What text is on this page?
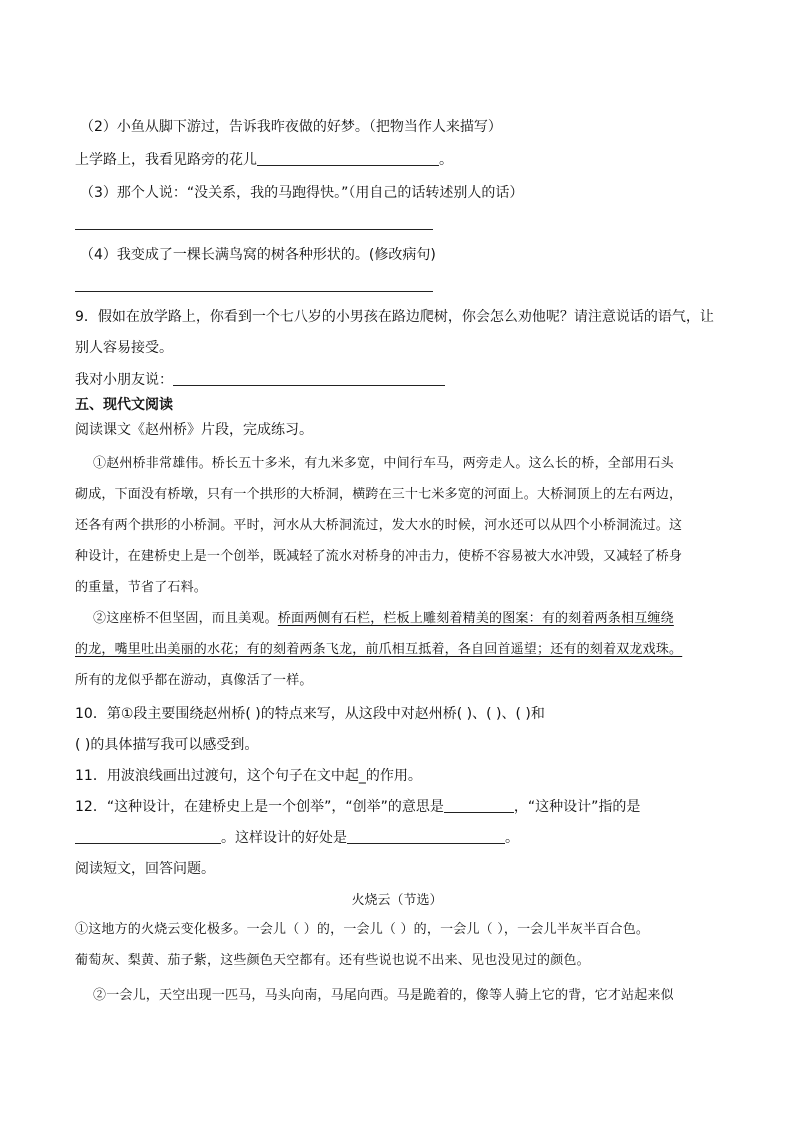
（2）小鱼从脚下游过，告诉我昨夜做的好梦。（把物当作人来描写）
上学路上，我看见路旁的花儿	。
（3）那个人说：“没关系，我的马跑得快。”（用自己的话转述别人的话）
（4）我变成了一棵长满鸟窝的树各种形状的。(修改病句)
9．假如在放学路上，你看到一个七八岁的小男孩在路边爬树，你会怎么劝他呢？请注意说话的语气，让
别人容易接受。
我对小朋友说：
五、现代文阅读
阅读课文《赵州桥》片段，完成练习。
①赵州桥非常雄伟。桥长五十多米，有九米多宽，中间行车马，两旁走人。这么长的桥，全部用石头
砌成，下面没有桥墩，只有一个拱形的大桥洞，横跨在三十七米多宽的河面上。大桥洞顶上的左右两边，
还各有两个拱形的小桥洞。平时，河水从大桥洞流过，发大水的时候，河水还可以从四个小桥洞流过。这
种设计，在建桥史上是一个创举，既减轻了流水对桥身的冲击力，使桥不容易被大水冲毁，又减轻了桥身
的重量，节省了石料。
②这座桥不但坚固，而且美观。桥面两侧有石栏，栏板上雕刻着精美的图案：有的刻着两条相互缠绕
的龙，嘴里吐出美丽的水花；有的刻着两条飞龙，前爪相互抵着，各自回首遥望；还有的刻着双龙戏珠。
所有的龙似乎都在游动，真像活了一样。
10．第①段主要围绕赵州桥( )的特点来写，从这段中对赵州桥( )、( )、( )和
( )的具体描写我可以感受到。
11．用波浪线画出过渡句，这个句子在文中起_的作用。
12．“这种设计，在建桥史上是一个创举”，“创举”的意思是	，“这种设计”指的是
。这样设计的好处是	。
阅读短文，回答问题。
火烧云（节选）
①这地方的火烧云变化极多。一会儿（ ）的，一会儿（ ）的，一会儿（ ），一会儿半灰半百合色。
葡萄灰、梨黄、茄子紫，这些颜色天空都有。还有些说也说不出来、见也没见过的颜色。
②一会儿，天空出现一匹马，马头向南，马尾向西。马是跪着的，像等人骑上它的背，它才站起来似
